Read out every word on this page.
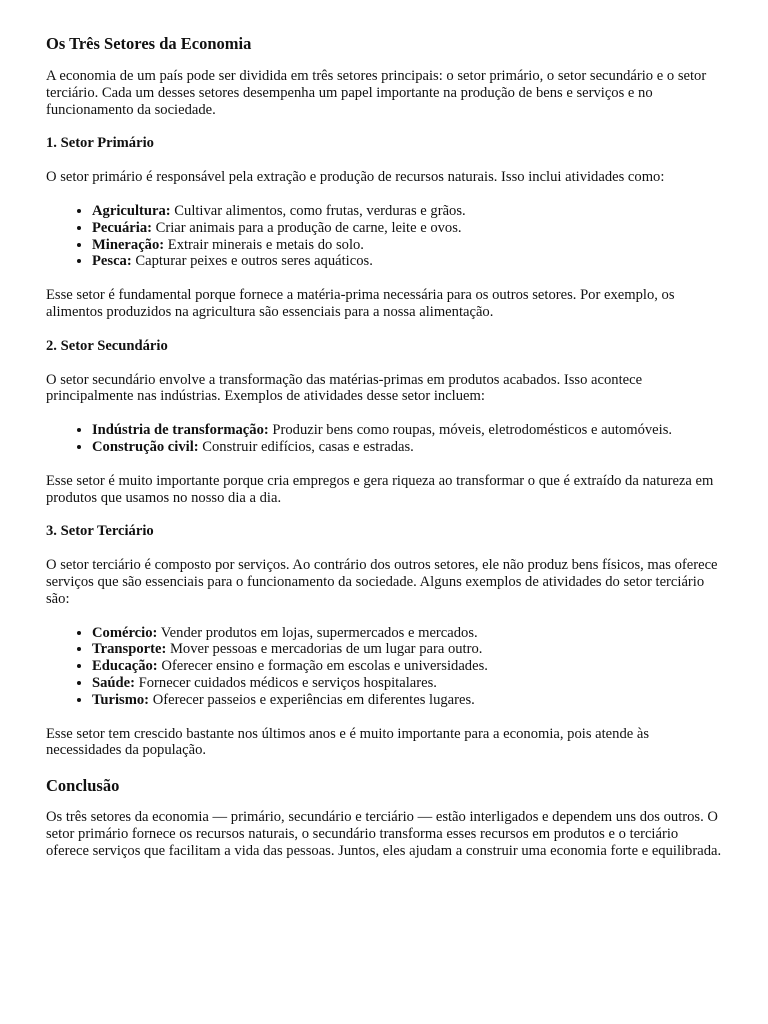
Os Três Setores da Economia

A economia de um país pode ser dividida em três setores principais: o setor primário, o setor secundário e o setor terciário. Cada um desses setores desempenha um papel importante na produção de bens e serviços e no funcionamento da sociedade.

1. Setor Primário

O setor primário é responsável pela extração e produção de recursos naturais. Isso inclui atividades como:

• Agricultura: Cultivar alimentos, como frutas, verduras e grãos.
• Pecuária: Criar animais para a produção de carne, leite e ovos.
• Mineração: Extrair minerais e metais do solo.
• Pesca: Capturar peixes e outros seres aquáticos.

Esse setor é fundamental porque fornece a matéria-prima necessária para os outros setores. Por exemplo, os alimentos produzidos na agricultura são essenciais para a nossa alimentação.

2. Setor Secundário

O setor secundário envolve a transformação das matérias-primas em produtos acabados. Isso acontece principalmente nas indústrias. Exemplos de atividades desse setor incluem:

• Indústria de transformação: Produzir bens como roupas, móveis, eletrodomésticos e automóveis.
• Construção civil: Construir edifícios, casas e estradas.

Esse setor é muito importante porque cria empregos e gera riqueza ao transformar o que é extraído da natureza em produtos que usamos no nosso dia a dia.

3. Setor Terciário

O setor terciário é composto por serviços. Ao contrário dos outros setores, ele não produz bens físicos, mas oferece serviços que são essenciais para o funcionamento da sociedade. Alguns exemplos de atividades do setor terciário são:

• Comércio: Vender produtos em lojas, supermercados e mercados.
• Transporte: Mover pessoas e mercadorias de um lugar para outro.
• Educação: Oferecer ensino e formação em escolas e universidades.
• Saúde: Fornecer cuidados médicos e serviços hospitalares.
• Turismo: Oferecer passeios e experiências em diferentes lugares.

Esse setor tem crescido bastante nos últimos anos e é muito importante para a economia, pois atende às necessidades da população.

Conclusão

Os três setores da economia — primário, secundário e terciário — estão interligados e dependem uns dos outros. O setor primário fornece os recursos naturais, o secundário transforma esses recursos em produtos e o terciário oferece serviços que facilitam a vida das pessoas. Juntos, eles ajudam a construir uma economia forte e equilibrada.
